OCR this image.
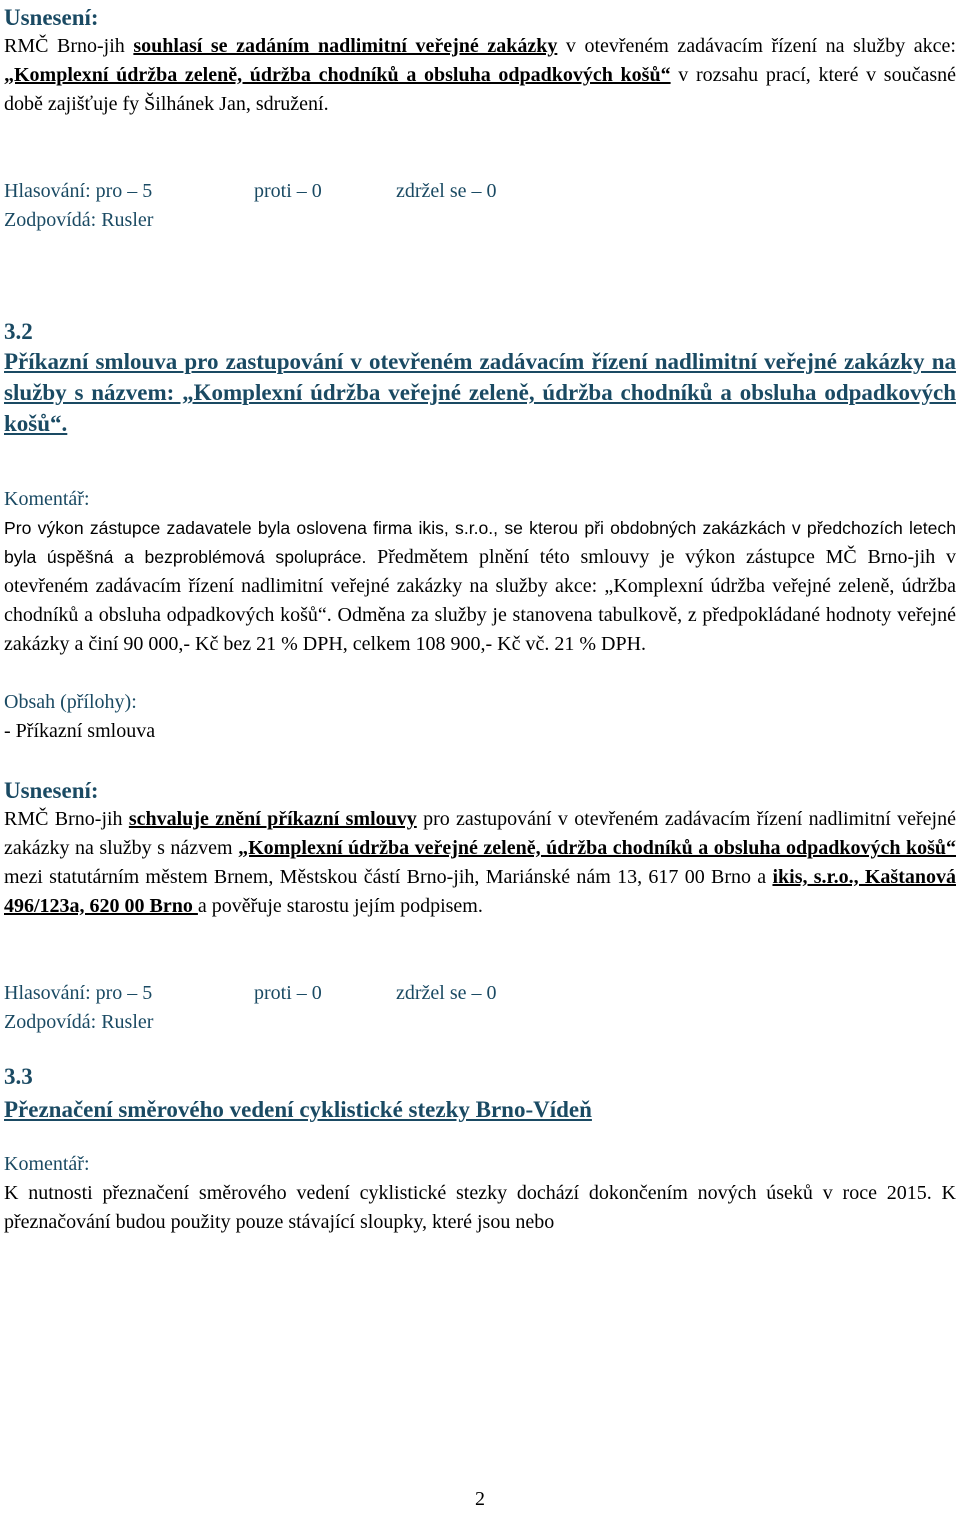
Usnesení:

RMČ Brno-jih souhlasí se zadáním nadlimitní veřejné zakázky v otevřeném zadávacím řízení na služby akce: „Komplexní údržba zeleně, údržba chodníků a obsluha odpadkových košů“ v rozsahu prací, které v současné době zajišťuje fy Šilhánek Jan, sdružení.

Hlasování: pro – 5	proti – 0	zdržel se – 0

Zodpovídá: Rusler

3.2

Příkazní smlouva pro zastupování v otevřeném zadávacím řízení nadlimitní veřejné zakázky na služby s názvem: „Komplexní údržba veřejné zeleně, údržba chodníků a obsluha odpadkových košů“.

Komentář:

Pro výkon zástupce zadavatele byla oslovena firma ikis, s.r.o., se kterou při obdobných zakázkách v předchozích letech byla úspěšná a bezproblémová spolupráce. Předmětem plnění této smlouvy je výkon zástupce MČ Brno-jih v otevřeném zadávacím řízení nadlimitní veřejné zakázky na služby akce: „Komplexní údržba veřejné zeleně, údržba chodníků a obsluha odpadkových košů“. Odměna za služby je stanovena tabulkově, z předpokládané hodnoty veřejné zakázky a činí 90 000,- Kč bez 21 % DPH, celkem 108 900,- Kč vč. 21 % DPH.

Obsah (přílohy):

- Příkazní smlouva

Usnesení:

RMČ Brno-jih schvaluje znění příkazní smlouvy pro zastupování v otevřeném zadávacím řízení nadlimitní veřejné zakázky na služby s názvem „Komplexní údržba veřejné zeleně, údržba chodníků a obsluha odpadkových košů“ mezi statutárním městem Brnem, Městskou částí Brno-jih, Mariánské nám 13, 617 00 Brno a ikis, s.r.o., Kaštanová 496/123a, 620 00 Brno a pověřuje starostu jejím podpisem.

Hlasování: pro – 5	proti – 0	zdržel se – 0

Zodpovídá: Rusler

3.3

Přeznačení směrového vedení cyklistické stezky Brno-Vídeň

Komentář:

K nutnosti přeznačení směrového vedení cyklistické stezky dochází dokončením nových úseků v roce 2015. K přeznačování budou použity pouze stávající sloupky, které jsou nebo

2
